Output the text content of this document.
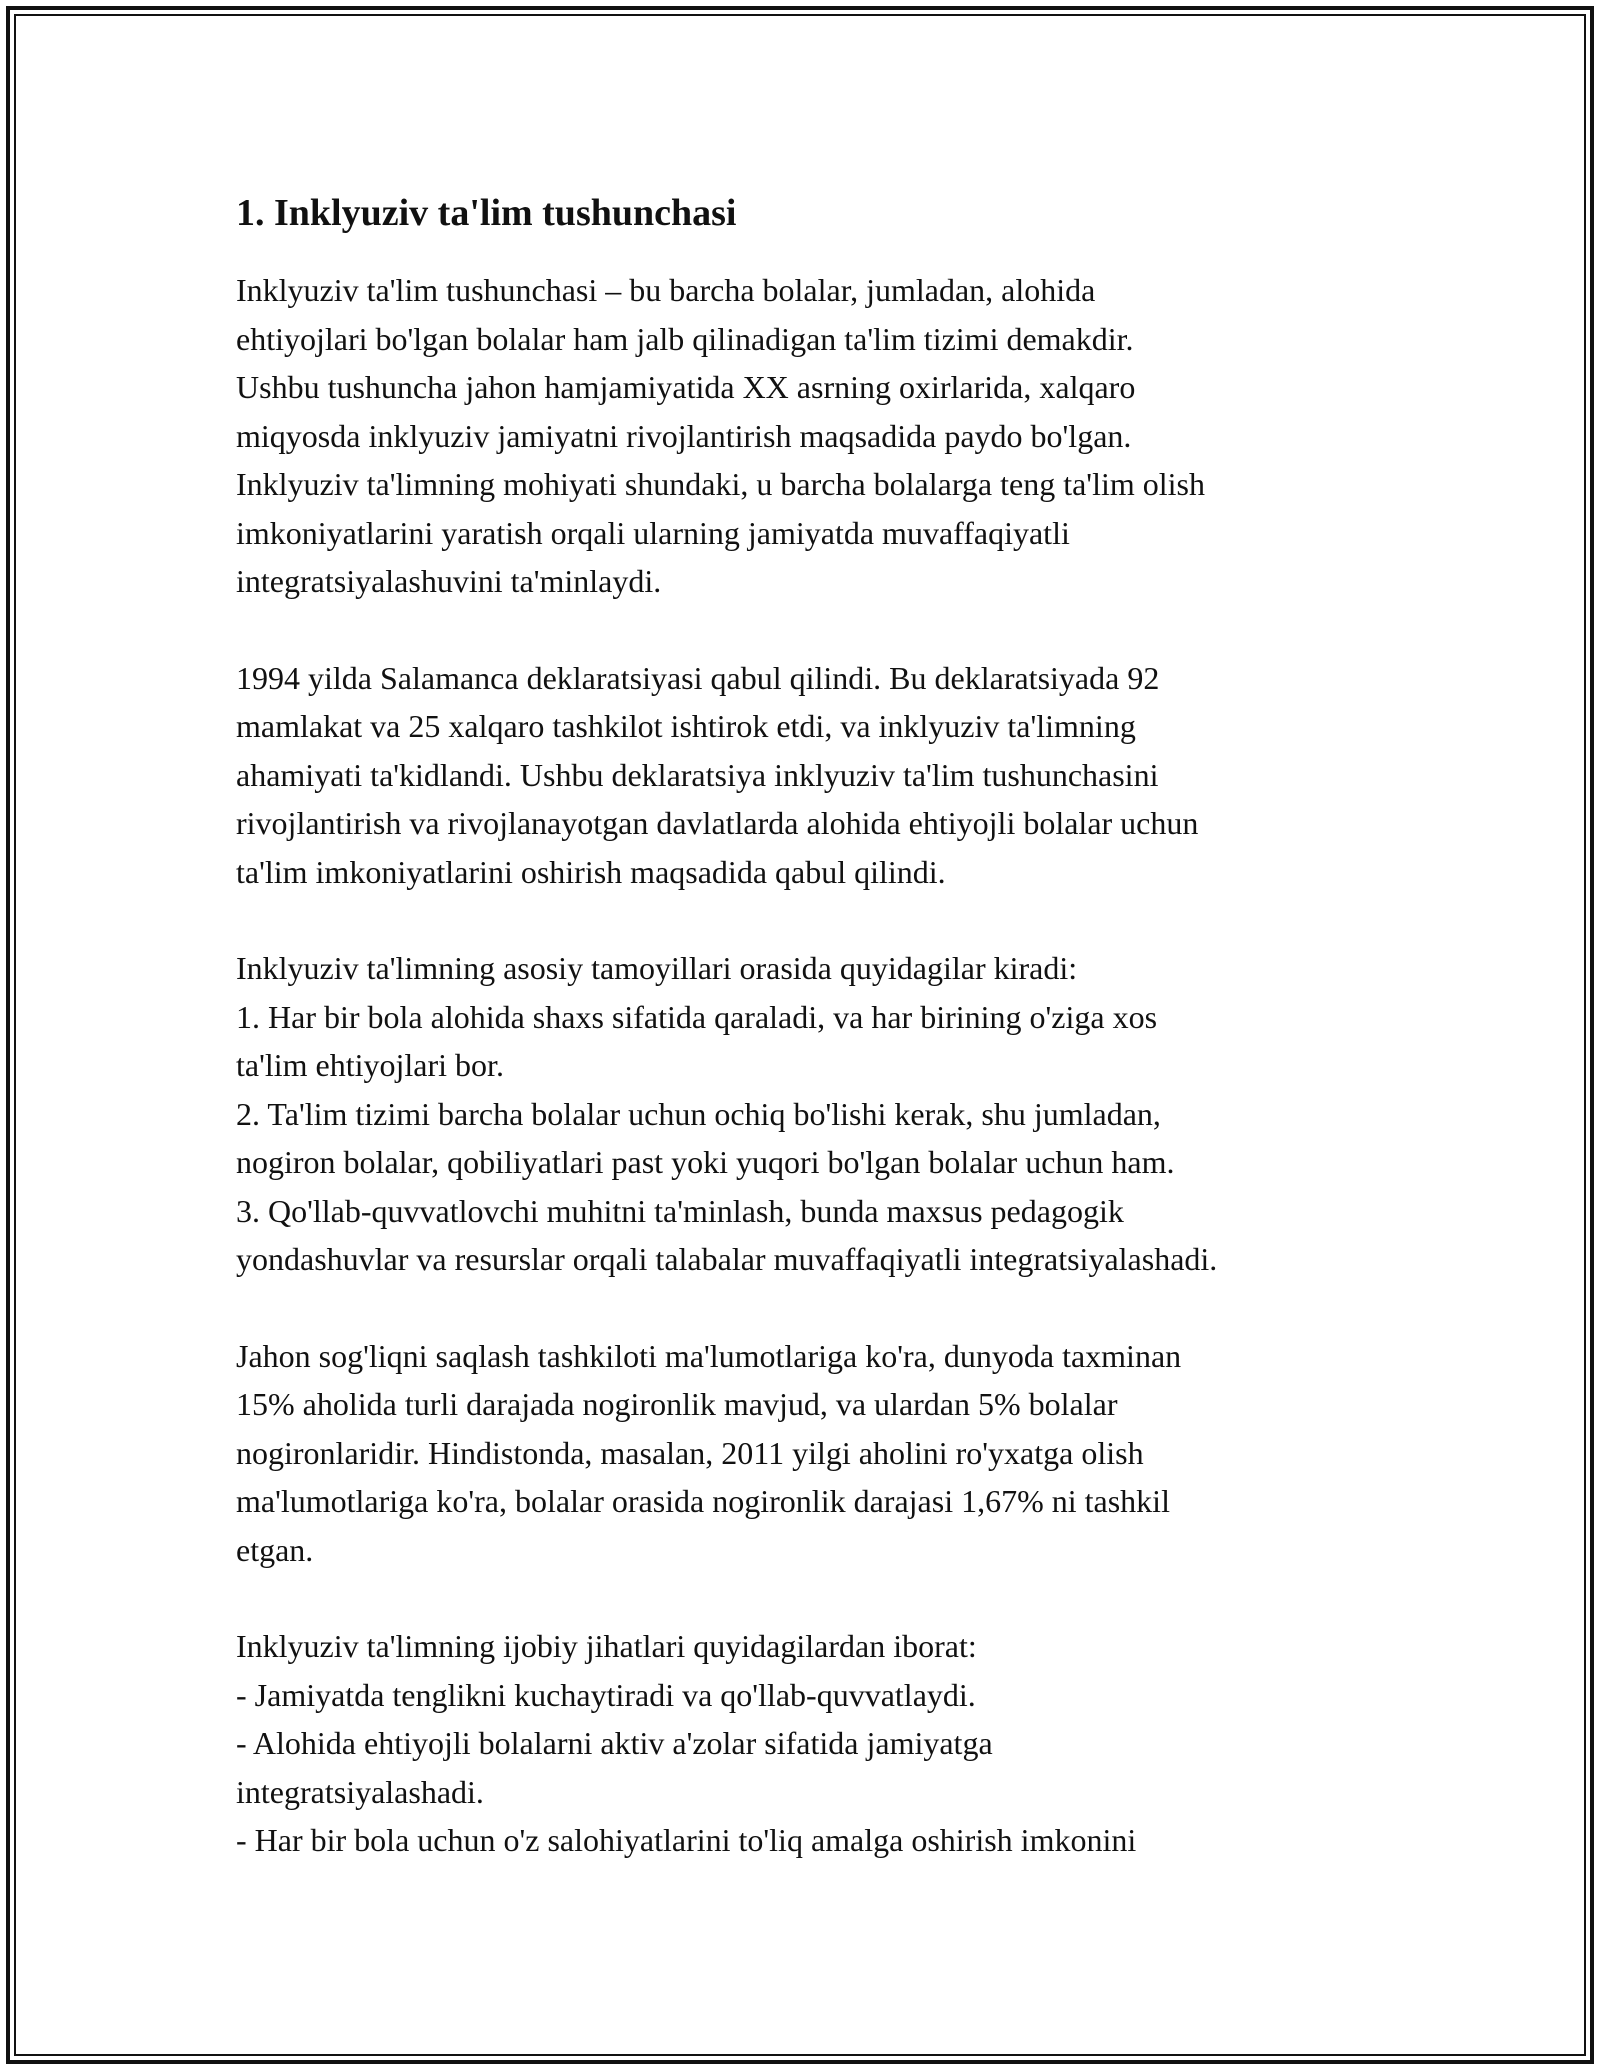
1. Inklyuziv ta'lim tushunchasi
Inklyuziv ta'lim tushunchasi – bu barcha bolalar, jumladan, alohida
ehtiyojlari bo'lgan bolalar ham jalb qilinadigan ta'lim tizimi demakdir.
Ushbu tushuncha jahon hamjamiyatida XX asrning oxirlarida, xalqaro
miqyosda inklyuziv jamiyatni rivojlantirish maqsadida paydo bo'lgan.
Inklyuziv ta'limning mohiyati shundaki, u barcha bolalarga teng ta'lim olish
imkoniyatlarini yaratish orqali ularning jamiyatda muvaffaqiyatli
integratsiyalashuvini ta'minlaydi.
1994 yilda Salamanca deklaratsiyasi qabul qilindi. Bu deklaratsiyada 92
mamlakat va 25 xalqaro tashkilot ishtirok etdi, va inklyuziv ta'limning
ahamiyati ta'kidlandi. Ushbu deklaratsiya inklyuziv ta'lim tushunchasini
rivojlantirish va rivojlanayotgan davlatlarda alohida ehtiyojli bolalar uchun
ta'lim imkoniyatlarini oshirish maqsadida qabul qilindi.
Inklyuziv ta'limning asosiy tamoyillari orasida quyidagilar kiradi:
1. Har bir bola alohida shaxs sifatida qaraladi, va har birining o'ziga xos
ta'lim ehtiyojlari bor.
2. Ta'lim tizimi barcha bolalar uchun ochiq bo'lishi kerak, shu jumladan,
nogiron bolalar, qobiliyatlari past yoki yuqori bo'lgan bolalar uchun ham.
3. Qo'llab-quvvatlovchi muhitni ta'minlash, bunda maxsus pedagogik
yondashuvlar va resurslar orqali talabalar muvaffaqiyatli integratsiyalashadi.
Jahon sog'liqni saqlash tashkiloti ma'lumotlariga ko'ra, dunyoda taxminan
15% aholida turli darajada nogironlik mavjud, va ulardan 5% bolalar
nogironlaridir. Hindistonda, masalan, 2011 yilgi aholini ro'yxatga olish
ma'lumotlariga ko'ra, bolalar orasida nogironlik darajasi 1,67% ni tashkil
etgan.
Inklyuziv ta'limning ijobiy jihatlari quyidagilardan iborat:
- Jamiyatda tenglikni kuchaytiradi va qo'llab-quvvatlaydi.
- Alohida ehtiyojli bolalarni aktiv a'zolar sifatida jamiyatga
integratsiyalashadi.
- Har bir bola uchun o'z salohiyatlarini to'liq amalga oshirish imkonini
